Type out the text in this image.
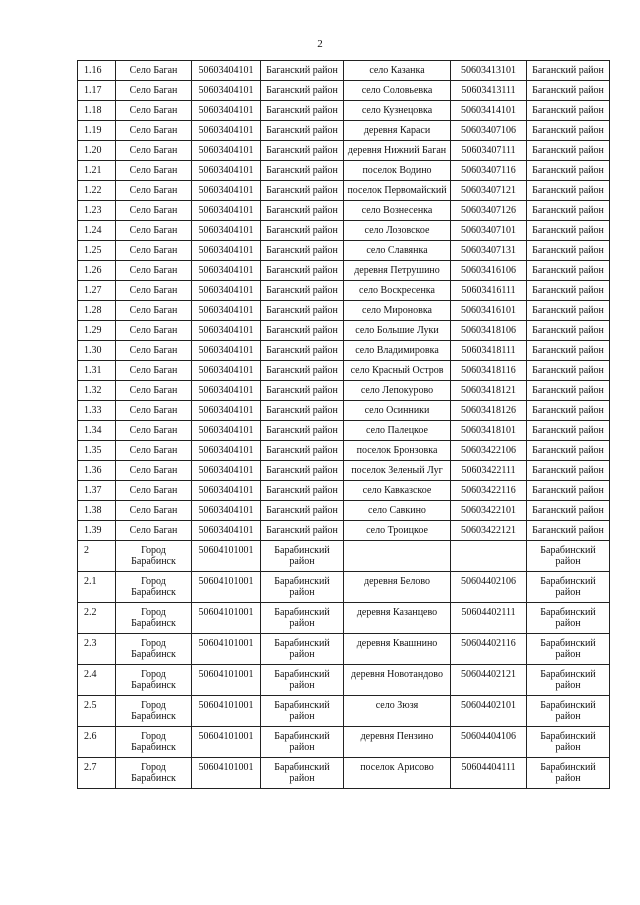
2
1.16	Село Баган	50603404101	Баганский район	село Казанка	50603413101	Баганский район
1.17	Село Баган	50603404101	Баганский район	село Соловьевка	50603413111	Баганский район
1.18	Село Баган	50603404101	Баганский район	село Кузнецовка	50603414101	Баганский район
1.19	Село Баган	50603404101	Баганский район	деревня Караси	50603407106	Баганский район
1.20	Село Баган	50603404101	Баганский район	деревня Нижний Баган	50603407111	Баганский район
1.21	Село Баган	50603404101	Баганский район	поселок Водино	50603407116	Баганский район
1.22	Село Баган	50603404101	Баганский район	поселок Первомайский	50603407121	Баганский район
1.23	Село Баган	50603404101	Баганский район	село Вознесенка	50603407126	Баганский район
1.24	Село Баган	50603404101	Баганский район	село Лозовское	50603407101	Баганский район
1.25	Село Баган	50603404101	Баганский район	село Славянка	50603407131	Баганский район
1.26	Село Баган	50603404101	Баганский район	деревня Петрушино	50603416106	Баганский район
1.27	Село Баган	50603404101	Баганский район	село Воскресенка	50603416111	Баганский район
1.28	Село Баган	50603404101	Баганский район	село Мироновка	50603416101	Баганский район
1.29	Село Баган	50603404101	Баганский район	село Большие Луки	50603418106	Баганский район
1.30	Село Баган	50603404101	Баганский район	село Владимировка	50603418111	Баганский район
1.31	Село Баган	50603404101	Баганский район	село Красный Остров	50603418116	Баганский район
1.32	Село Баган	50603404101	Баганский район	село Лепокурово	50603418121	Баганский район
1.33	Село Баган	50603404101	Баганский район	село Осинники	50603418126	Баганский район
1.34	Село Баган	50603404101	Баганский район	село Палецкое	50603418101	Баганский район
1.35	Село Баган	50603404101	Баганский район	поселок Бронзовка	50603422106	Баганский район
1.36	Село Баган	50603404101	Баганский район	поселок Зеленый Луг	50603422111	Баганский район
1.37	Село Баган	50603404101	Баганский район	село Кавказское	50603422116	Баганский район
1.38	Село Баган	50603404101	Баганский район	село Савкино	50603422101	Баганский район
1.39	Село Баган	50603404101	Баганский район	село Троицкое	50603422121	Баганский район
2	Город Барабинск	50604101001	Барабинский район			Барабинский район
2.1	Город Барабинск	50604101001	Барабинский район	деревня Белово	50604402106	Барабинский район
2.2	Город Барабинск	50604101001	Барабинский район	деревня Казанцево	50604402111	Барабинский район
2.3	Город Барабинск	50604101001	Барабинский район	деревня Квашнино	50604402116	Барабинский район
2.4	Город Барабинск	50604101001	Барабинский район	деревня Новотандово	50604402121	Барабинский район
2.5	Город Барабинск	50604101001	Барабинский район	село Зюзя	50604402101	Барабинский район
2.6	Город Барабинск	50604101001	Барабинский район	деревня Пензино	50604404106	Барабинский район
2.7	Город Барабинск	50604101001	Барабинский район	поселок Арисово	50604404111	Барабинский район
